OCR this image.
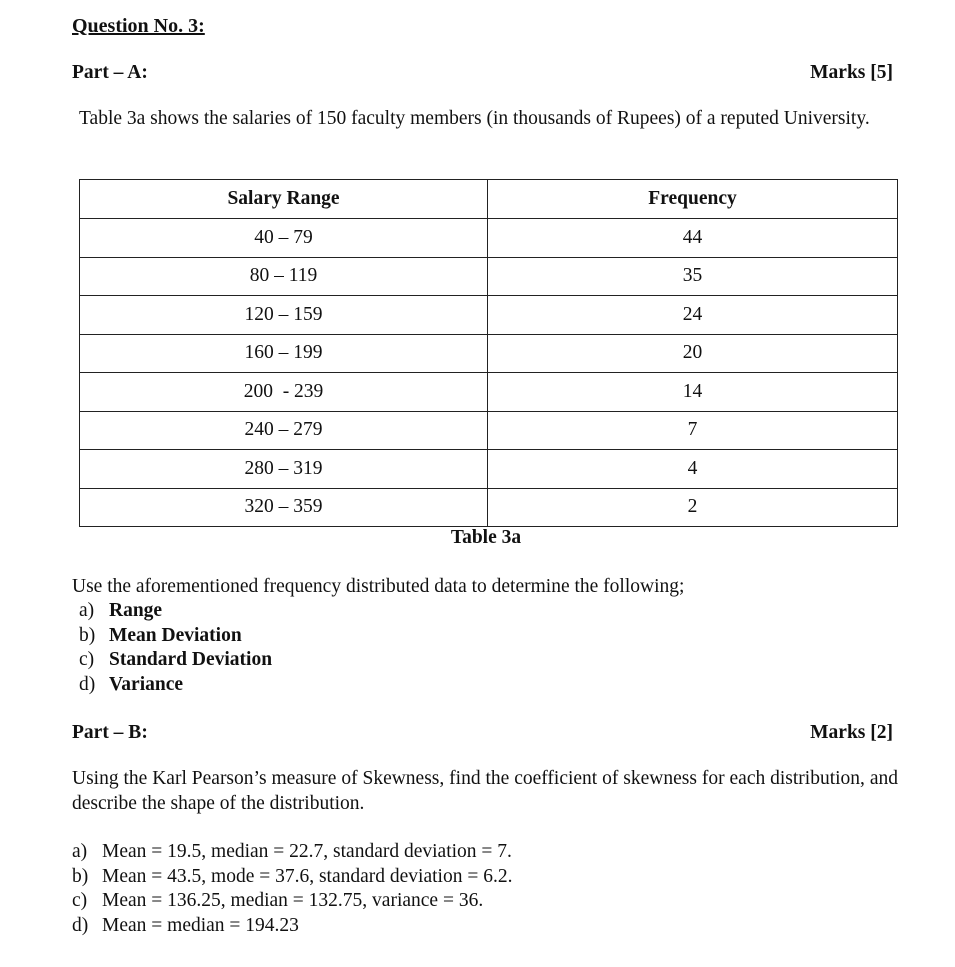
Question No. 3:
Part – A:	Marks [5]
Table 3a shows the salaries of 150 faculty members (in thousands of Rupees) of a reputed University.
Salary Range	Frequency
40 – 79	44
80 – 119	35
120 – 159	24
160 – 199	20
200  - 239	14
240 – 279	7
280 – 319	4
320 – 359	2
Table 3a
Use the aforementioned frequency distributed data to determine the following;
a) Range
b) Mean Deviation
c) Standard Deviation
d) Variance
Part – B:	Marks [2]
Using the Karl Pearson’s measure of Skewness, find the coefficient of skewness for each distribution, and describe the shape of the distribution.
a) Mean = 19.5, median = 22.7, standard deviation = 7.
b) Mean = 43.5, mode = 37.6, standard deviation = 6.2.
c) Mean = 136.25, median = 132.75, variance = 36.
d) Mean = median = 194.23
